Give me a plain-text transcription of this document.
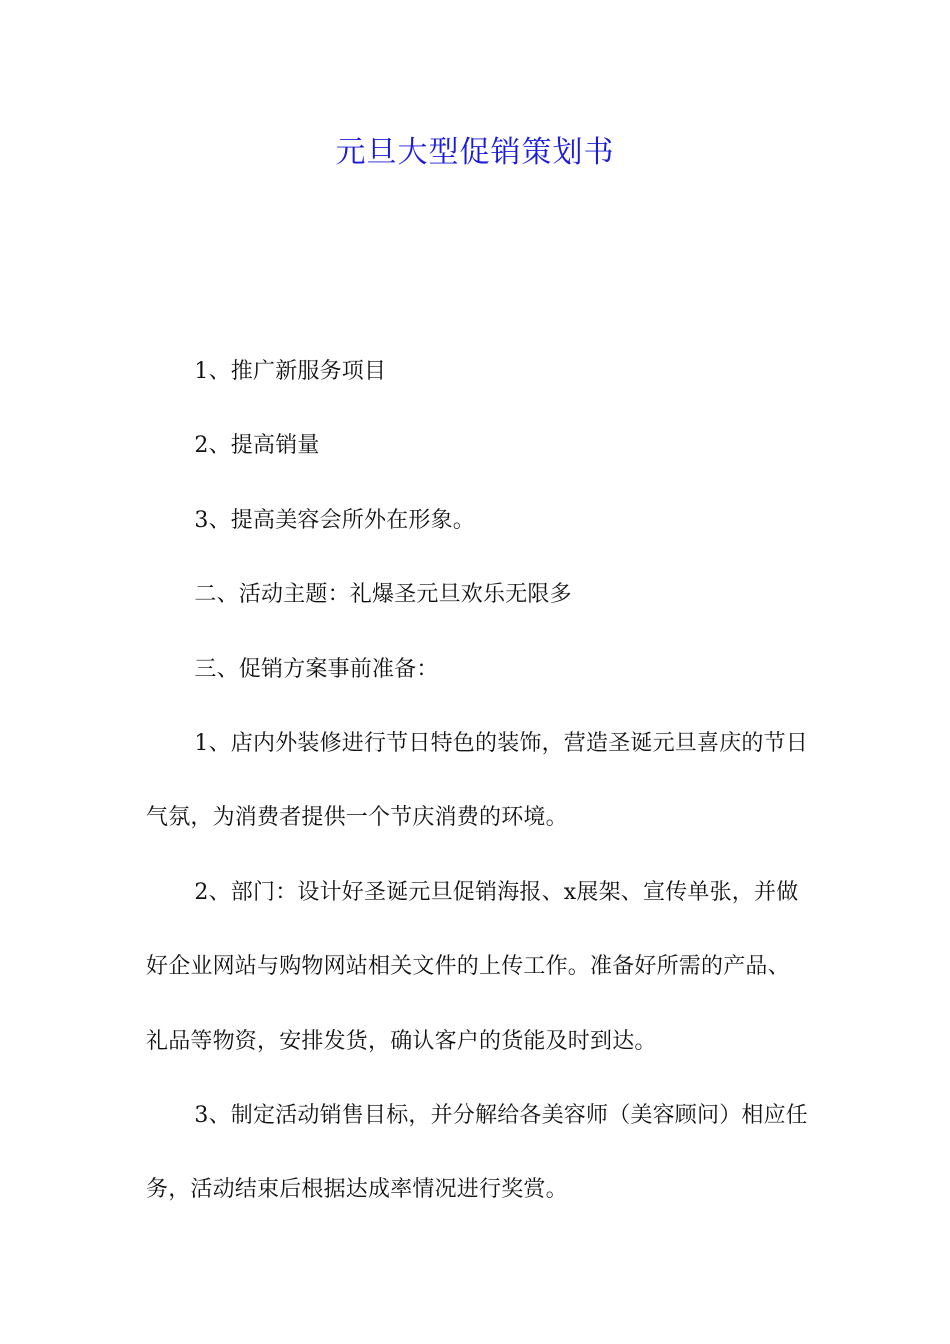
元旦大型促销策划书

1、推广新服务项目

2、提高销量

3、提高美容会所外在形象。

二、活动主题：礼爆圣元旦欢乐无限多

三、促销方案事前准备：

1、店内外装修进行节日特色的装饰，营造圣诞元旦喜庆的节日气氛，为消费者提供一个节庆消费的环境。

2、部门：设计好圣诞元旦促销海报、x展架、宣传单张，并做好企业网站与购物网站相关文件的上传工作。准备好所需的产品、礼品等物资，安排发货，确认客户的货能及时到达。

3、制定活动销售目标，并分解给各美容师（美容顾问）相应任务，活动结束后根据达成率情况进行奖赏。
